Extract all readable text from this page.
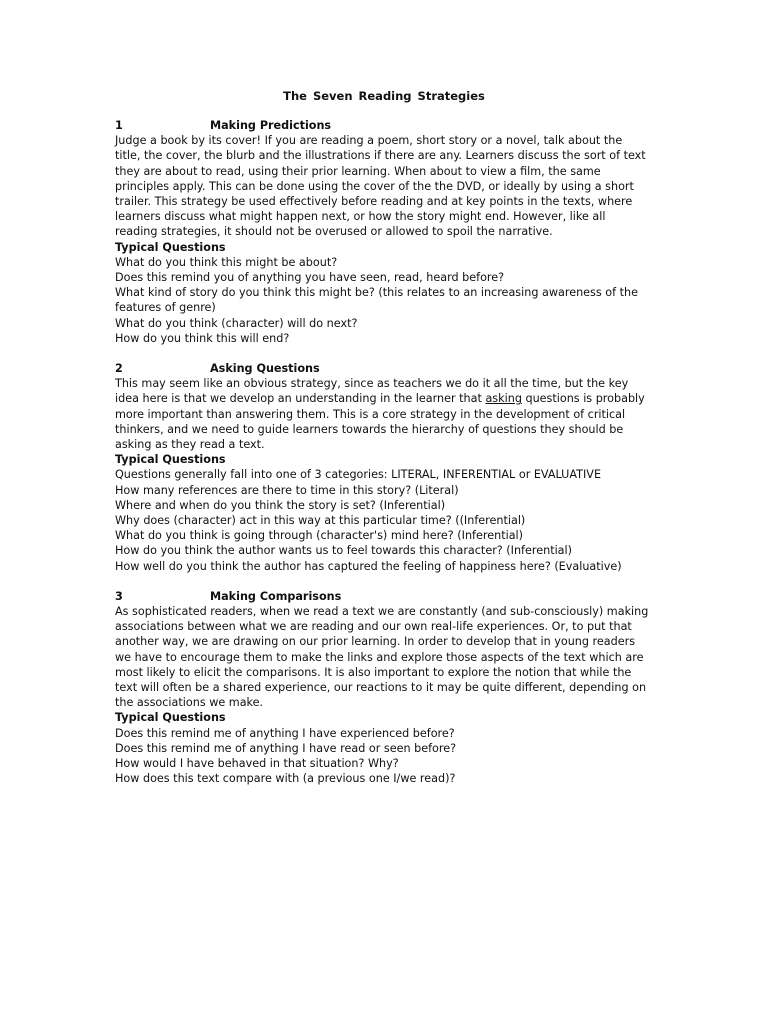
The Seven Reading Strategies
1	Making Predictions

Judge a book by its cover! If you are reading a poem, short story or a novel, talk about the title, the cover, the blurb and the illustrations if there are any. Learners discuss the sort of text they are about to read, using their prior learning. When about to view a film, the same principles apply. This can be done using the cover of the the DVD, or ideally by using a short trailer. This strategy be used effectively before reading and at key points in the texts, where learners discuss what might happen next, or how the story might end. However, like all reading strategies, it should not be overused or allowed to spoil the narrative.

Typical Questions
What do you think this might be about?
Does this remind you of anything you have seen, read, heard before?
What kind of story do you think this might be? (this relates to an increasing awareness of the features of genre)
What do you think (character) will do next?
How do you think this will end?
2	Asking Questions

This may seem like an obvious strategy, since as teachers we do it all the time, but the key idea here is that we develop an understanding in the learner that asking questions is probably more important than answering them. This is a core strategy in the development of critical thinkers, and we need to guide learners towards the hierarchy of questions they should be asking as they read a text.

Typical Questions
Questions generally fall into one of 3 categories: LITERAL, INFERENTIAL or EVALUATIVE
How many references are there to time in this story? (Literal)
Where and when do you think the story is set? (Inferential)
Why does (character) act in this way at this particular time? ((Inferential)
What do you think is going through (character's) mind here? (Inferential)
How do you think the author wants us to feel towards this character? (Inferential)
How well do you think the author has captured the feeling of happiness here? (Evaluative)
3	Making Comparisons

As sophisticated readers, when we read a text we are constantly (and sub-consciously) making associations between what we are reading and our own real-life experiences. Or, to put that another way, we are drawing on our prior learning. In order to develop that in young readers we have to encourage them to make the links and explore those aspects of the text which are most likely to elicit the comparisons. It is also important to explore the notion that while the text will often be a shared experience, our reactions to it may be quite different, depending on the associations we make.

Typical Questions
Does this remind me of anything I have experienced before?
Does this remind me of anything I have read or seen before?
How would I have behaved in that situation? Why?
How does this text compare with (a previous one I/we read)?
